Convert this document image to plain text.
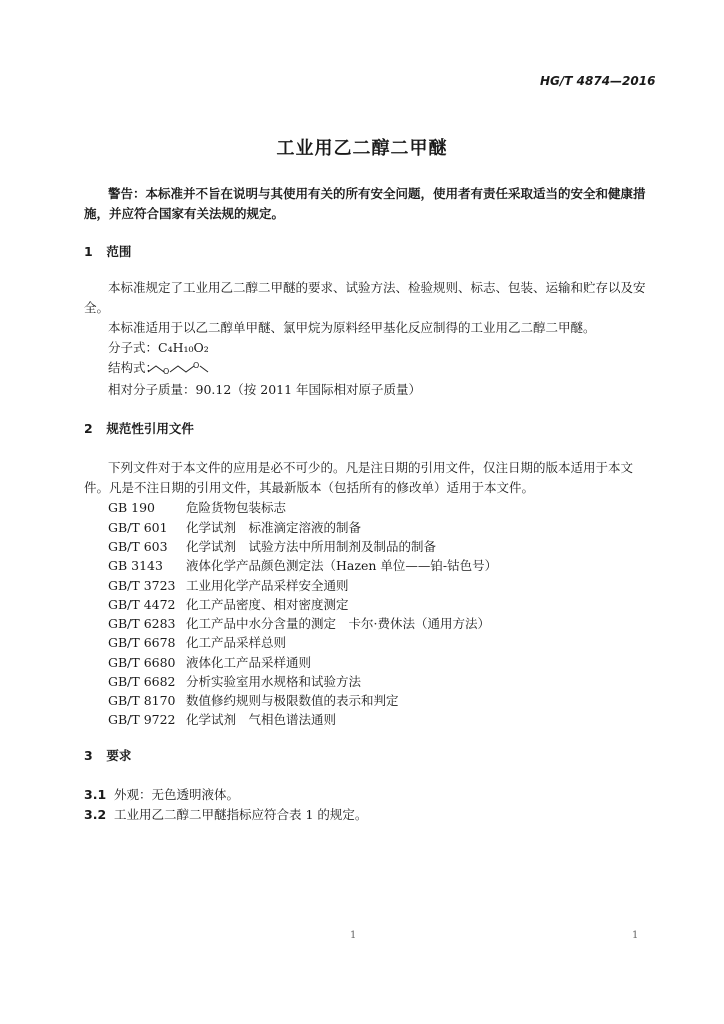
HG/T 4874—2016
工业用乙二醇二甲醚
警告：本标准并不旨在说明与其使用有关的所有安全问题，使用者有责任采取适当的安全和健康措施，并应符合国家有关法规的规定。
1 范围
本标准规定了工业用乙二醇二甲醚的要求、试验方法、检验规则、标志、包装、运输和贮存以及安全。
本标准适用于以乙二醇单甲醚、氯甲烷为原料经甲基化反应制得的工业用乙二醇二甲醚。
分子式：C₄H₁₀O₂
结构式： O
O
相对分子质量：90.12（按 2011 年国际相对原子质量）
2 规范性引用文件
下列文件对于本文件的应用是必不可少的。凡是注日期的引用文件，仅注日期的版本适用于本文件。凡是不注日期的引用文件，其最新版本（包括所有的修改单）适用于本文件。
GB 190 危险货物包装标志
GB/T 601 化学试剂　标准滴定溶液的制备
GB/T 603 化学试剂　试验方法中所用制剂及制品的制备
GB 3143 液体化学产品颜色测定法（Hazen 单位——铂-钴色号）
GB/T 3723 工业用化学产品采样安全通则
GB/T 4472 化工产品密度、相对密度测定
GB/T 6283 化工产品中水分含量的测定　卡尔·费休法（通用方法）
GB/T 6678 化工产品采样总则
GB/T 6680 液体化工产品采样通则
GB/T 6682 分析实验室用水规格和试验方法
GB/T 8170 数值修约规则与极限数值的表示和判定
GB/T 9722 化学试剂　气相色谱法通则
3 要求
3.1 外观：无色透明液体。
3.2 工业用乙二醇二甲醚指标应符合表 1 的规定。
1	1
